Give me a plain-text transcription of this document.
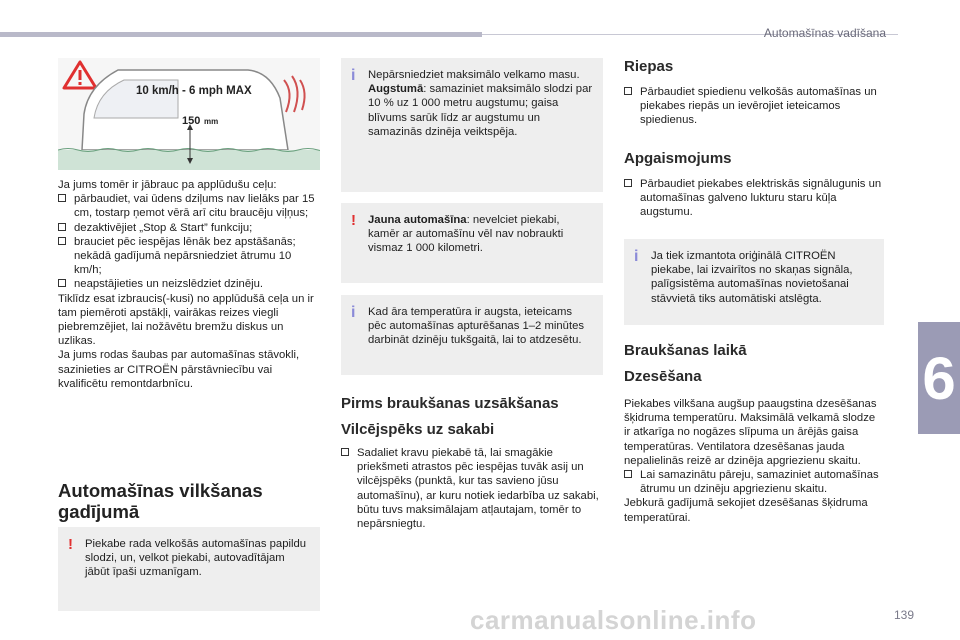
Automašīnas vadīšana
10 km/h - 6 mph MAX
150 mm
Ja jums tomēr ir jābrauc pa applūdušu ceļu:
pārbaudiet, vai ūdens dziļums nav lielāks par 15 cm, tostarp ņemot vērā arī citu braucēju viļņus;
dezaktivējiet „Stop & Start” funkciju;
brauciet pēc iespējas lēnāk bez apstāšanās; nekādā gadījumā nepārsniedziet ātrumu 10 km/h;
neapstājieties un neizslēdziet dzinēju.
Tiklīdz esat izbraucis(-kusi) no applūdušā ceļa un ir tam piemēroti apstākļi, vairākas reizes viegli piebremzējiet, lai nožāvētu bremžu diskus un uzlikas.
Ja jums rodas šaubas par automašīnas stāvokli, sazinieties ar CITROËN pārstāvniecību vai kvalificētu remontdarbnīcu.
Automašīnas vilkšanas gadījumā
! Piekabe rada velkošās automašīnas papildu slodzi, un, velkot piekabi, autovadītājam jābūt īpaši uzmanīgam.
i Nepārsniedziet maksimālo velkamo masu. Augstumā: samaziniet maksimālo slodzi par 10 % uz 1 000 metru augstumu; gaisa blīvums sarūk līdz ar augstumu un samazinās dzinēja veiktspēja.
! Jauna automašīna: nevelciet piekabi, kamēr ar automašīnu vēl nav nobraukti vismaz 1 000 kilometri.
i Kad āra temperatūra ir augsta, ieteicams pēc automašīnas apturēšanas 1–2 minūtes darbināt dzinēju tukšgaitā, lai to atdzesētu.
Pirms braukšanas uzsākšanas
Vilcējspēks uz sakabi
Sadaliet kravu piekabē tā, lai smagākie priekšmeti atrastos pēc iespējas tuvāk asij un vilcējspēks (punktā, kur tas savieno jūsu automašīnu), ar kuru notiek iedarbība uz sakabi, būtu tuvs maksimālajam atļautajam, tomēr to nepārsniegtu.
Riepas
Pārbaudiet spiedienu velkošās automašīnas un piekabes riepās un ievērojiet ieteicamos spiedienus.
Apgaismojums
Pārbaudiet piekabes elektriskās signālugunis un automašīnas galveno lukturu staru kūļa augstumu.
i Ja tiek izmantota oriģinālā CITROËN piekabe, lai izvairītos no skaņas signāla, palīgsistēma automašīnas novietošanai stāvvietā tiks automātiski atslēgta.
Braukšanas laikā
Dzesēšana
Piekabes vilkšana augšup paaugstina dzesēšanas šķidruma temperatūru. Maksimālā velkamā slodze ir atkarīga no nogāzes slīpuma un ārējās gaisa temperatūras. Ventilatora dzesēšanas jauda nepalielinās reizē ar dzinēja apgriezienu skaitu.
Lai samazinātu pāreju, samaziniet automašīnas ātrumu un dzinēju apgriezienu skaitu.
Jebkurā gadījumā sekojiet dzesēšanas šķidruma temperatūrai.
6
carmanualsonline.info	139
